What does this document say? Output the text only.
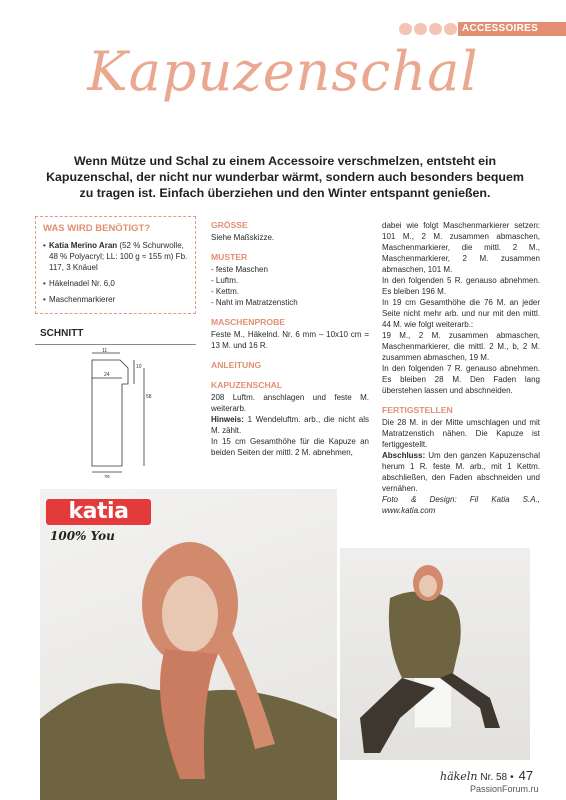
ACCESSOIRES
Kapuzenschal
Wenn Mütze und Schal zu einem Accessoire verschmelzen, entsteht ein Kapuzenschal, der nicht nur wunderbar wärmt, sondern auch besonders bequem zu tragen ist. Einfach überziehen und den Winter entspannt genießen.
WAS WIRD BENÖTIGT?
• Katia Merino Aran (52 % Schurwolle, 48 % Polyacryl; LL: 100 g ≈ 155 m) Fb. 117, 3 Knäuel
• Häkelnadel Nr. 6,0
• Maschenmarkierer
SCHNITT
11
10
24
58
39
GRÖSSE

Siehe Maßskizze.

MUSTER

- feste Maschen

- Luftm.

- Kettm.

- Naht im Matratzenstich

MASCHENPROBE

Feste M., Häkelnd. Nr. 6 mm – 10x10 cm = 13 M. und 16 R.

ANLEITUNG
KAPUZENSCHAL

208 Luftm. anschlagen und feste M. weiterarb.

Hinweis: 1 Wendeluftm. arb., die nicht als M. zählt.

In 15 cm Gesamthöhe für die Kapuze an beiden Seiten der mittl. 2 M. abnehmen,

dabei wie folgt Maschenmarkierer setzen: 101 M., 2 M. zusammen abmaschen, Maschenmarkierer, die mittl. 2 M., Maschenmarkierer, 2 M. zusammen abmaschen, 101 M.

In den folgenden 5 R. genauso abnehmen. Es bleiben 196 M.

In 19 cm Gesamthöhe die 76 M. an jeder Seite nicht mehr arb. und nur mit den mittl. 44 M. wie folgt weiterarb.:

19 M., 2 M. zusammen abmaschen, Maschenmarkierer, die mittl. 2 M., b, 2 M. zusammen abmaschen, 19 M.

In den folgenden 7 R. genauso abnehmen. Es bleiben 28 M. Den Faden lang überstehen lassen und abschneiden.

FERTIGSTELLEN

Die 28 M. in der Mitte umschlagen und mit Matratzenstich nähen. Die Kapuze ist fertiggestellt.

Abschluss: Um den ganzen Kapuzenschal herum 1 R. feste M. arb., mit 1 Kettm. abschließen, den Faden abschneiden und vernähen.

Foto & Design: Fil Katia S.A., www.katia.com

katia
100% You
häkeln Nr. 58 • 47
PassionForum.ru
